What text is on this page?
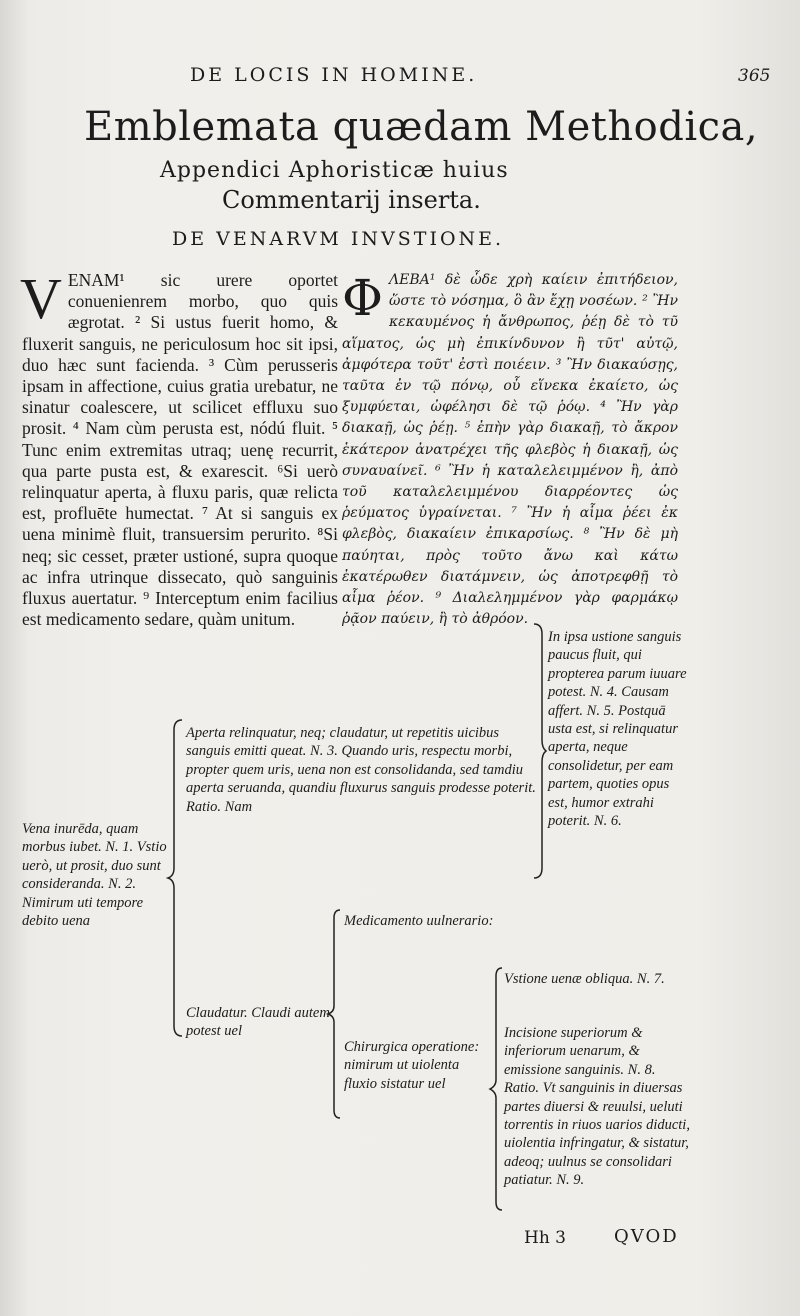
DE LOCIS IN HOMINE.	365
Emblemata quædam Methodica,
Appendici Aphoristicæ huius
Commentarij inserta.
DE VENARVM INVSTIONE.
V ENAM¹ sic urere oportet conuenienrem morbo, quo quis ægrotat. ² Si ustus fuerit homo, & fluxerit sanguis, ne periculosum hoc sit ipsi, duo hæc sunt facienda. ³ Cùm perusseris ipsam in affectione, cuius gratia urebatur, ne sinatur coalescere, ut scilicet effluxu suo prosit. ⁴ Nam cùm perusta est, nódú fluit. ⁵ Tunc enim extremitas utraq; uenę recurrit, qua parte pusta est, & exarescit. ⁶Si uerò relinquatur aperta, à fluxu paris, quæ relicta est, profluēte humectat. ⁷ At si sanguis ex uena minimè fluit, transuersim perurito. ⁸Si neq; sic cesset, præter ustioné, supra quoque ac infra utrinque dissecato, quò sanguinis fluxus auertatur. ⁹ Interceptum enim facilius est medicamento sedare, quàm unitum.
Φ ΛΕΒΑ¹ δὲ ὧδε χρὴ καίειν ἐπιτήδειον, ὥστε τὸ νόσημα, ὃ ἂν ἔχῃ νοσέων. ² Ἢν κεκαυμένος ἡ ἄνθρωπος, ῥέῃ δὲ τὸ τῦ αἵματος, ὡς μὴ ἐπικίνδυνον ἢ τῦτ' αὐτῷ, ἀμφότερα τοῦτ' ἐστὶ ποιέειν. ³ Ἢν διακαύσῃς, ταῦτα ἐν τῷ πόνῳ, οὗ εἵνεκα ἐκαίετο, ὡς ξυμφύεται, ὠφέλησι δὲ τῷ ῥόῳ. ⁴ Ἢν γὰρ διακαῇ, ὡς ῥέῃ. ⁵ ἐπὴν γὰρ διακαῇ, τὸ ἄκρον ἑκάτερον ἀνατρέχει τῆς φλεβὸς ἡ διακαῇ, ὡς συναυαίνεῖ. ⁶ Ἢν ἡ καταλελειμμένον ἢ, ἀπὸ τοῦ καταλελειμμένου διαρρέοντες ὡς ῥεύματος ὑγραίνεται. ⁷ Ἢν ἡ αἷμα ῥέει ἐκ φλεβὸς, διακαίειν ἐπικαρσίως. ⁸ Ἢν δὲ μὴ παύηται, πρὸς τοῦτο ἄνω καὶ κάτω ἑκατέρωθεν διατάμνειν, ὡς ἀποτρεφθῇ τὸ αἷμα ῥέον. ⁹ Διαλελημμένον γὰρ φαρμάκῳ ῥᾷον παύειν, ἢ τὸ ἀθρόον.
Vena inurēda, quam morbus iubet. N. 1. Vstio uerò, ut prosit, duo sunt consideranda. N. 2. Nimirum uti tempore debito uena
Aperta relinquatur, neq; claudatur, ut repetitis uicibus sanguis emitti queat. N. 3. Quando uris, respectu morbi, propter quem uris, uena non est consolidanda, sed tamdiu aperta seruanda, quandiu fluxurus sanguis prodesse poterit. Ratio. Nam
In ipsa ustione sanguis paucus fluit, qui propterea parum iuuare potest. N. 4. Causam affert. N. 5. Postquā usta est, si relinquatur aperta, neque consolidetur, per eam partem, quoties opus est, humor extrahi poterit. N. 6.
Claudatur. Claudi autem potest uel
Medicamento uulnerario:
Chirurgica operatione: nimirum ut uiolenta fluxio sistatur uel
Vstione uenæ obliqua. N. 7.
Incisione superiorum & inferiorum uenarum, & emissione sanguinis. N. 8. Ratio. Vt sanguinis in diuersas partes diuersi & reuulsi, ueluti torrentis in riuos uarios diducti, uiolentia infringatur, & sistatur, adeoq; uulnus se consolidari patiatur. N. 9.
Hh 3	QVOD
